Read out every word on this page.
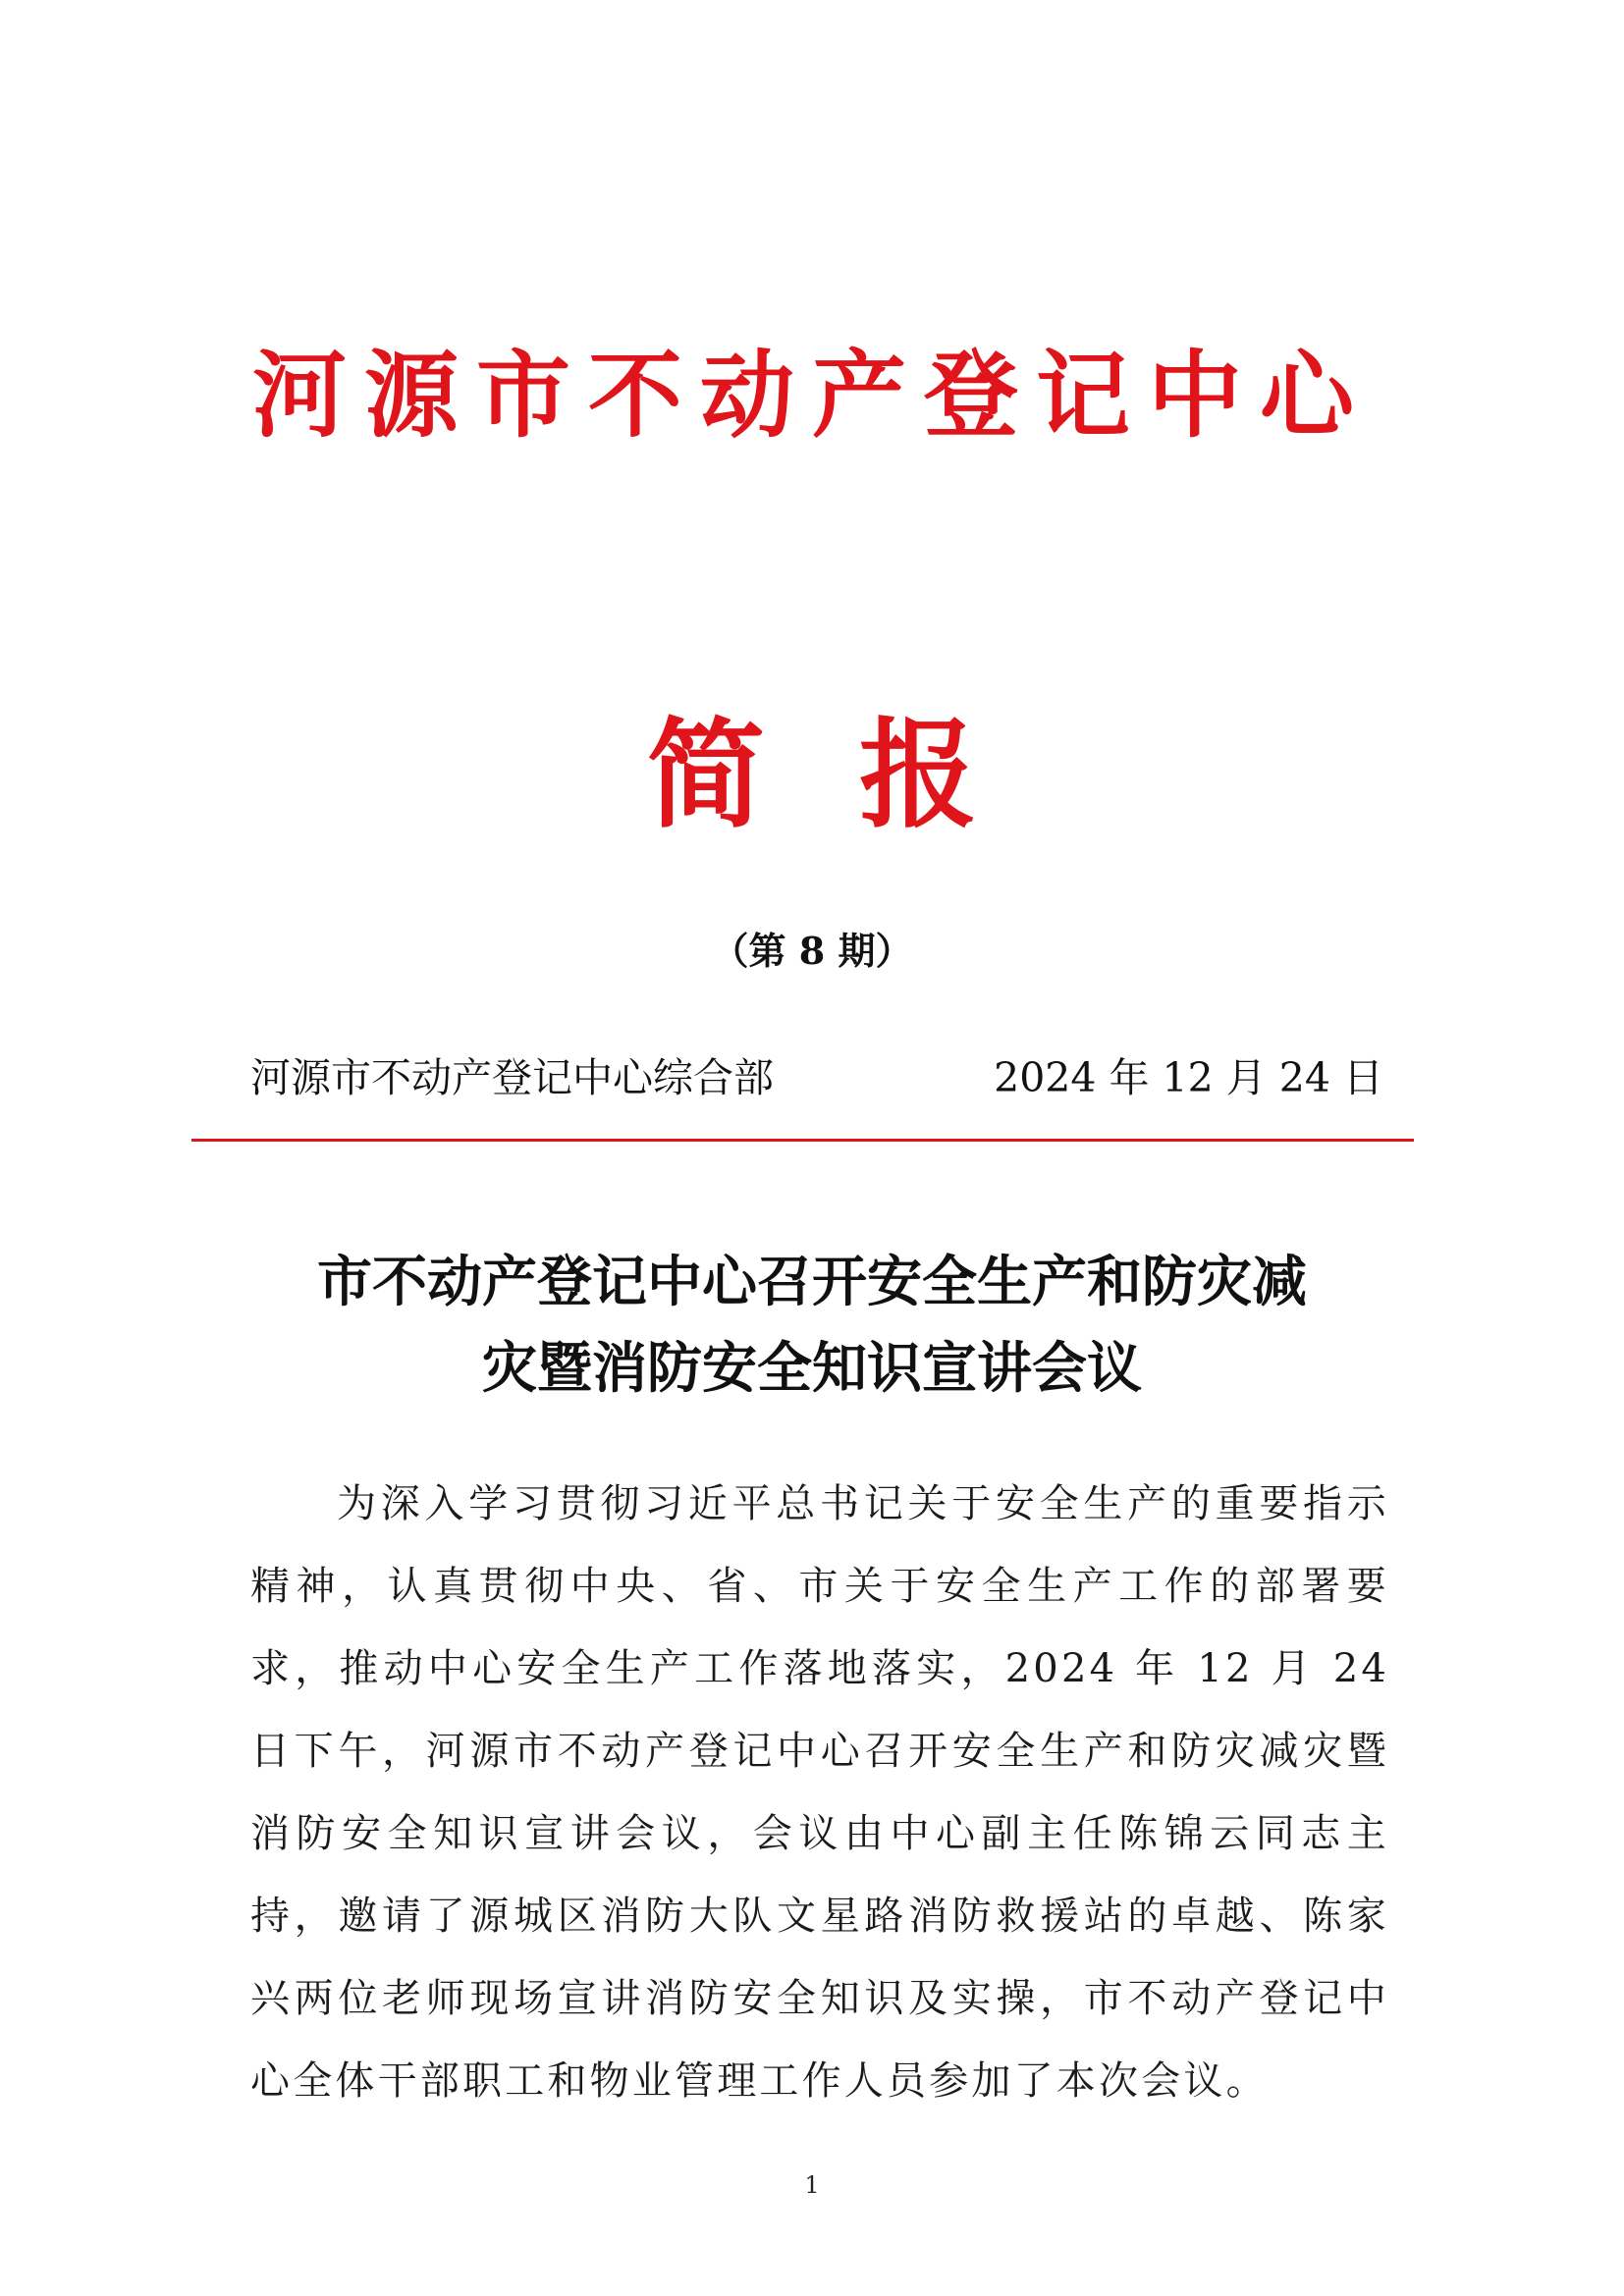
河源市不动产登记中心
简 报
（第 8 期）
河源市不动产登记中心综合部	2024 年 12 月 24 日
市不动产登记中心召开安全生产和防灾减
灾暨消防安全知识宣讲会议

为深入学习贯彻习近平总书记关于安全生产的重要指示精神，认真贯彻中央、省、市关于安全生产工作的部署要求，推动中心安全生产工作落地落实，2024 年 12 月 24 日下午，河源市不动产登记中心召开安全生产和防灾减灾暨消防安全知识宣讲会议，会议由中心副主任陈锦云同志主持，邀请了源城区消防大队文星路消防救援站的卓越、陈家兴两位老师现场宣讲消防安全知识及实操，市不动产登记中心全体干部职工和物业管理工作人员参加了本次会议。

1
